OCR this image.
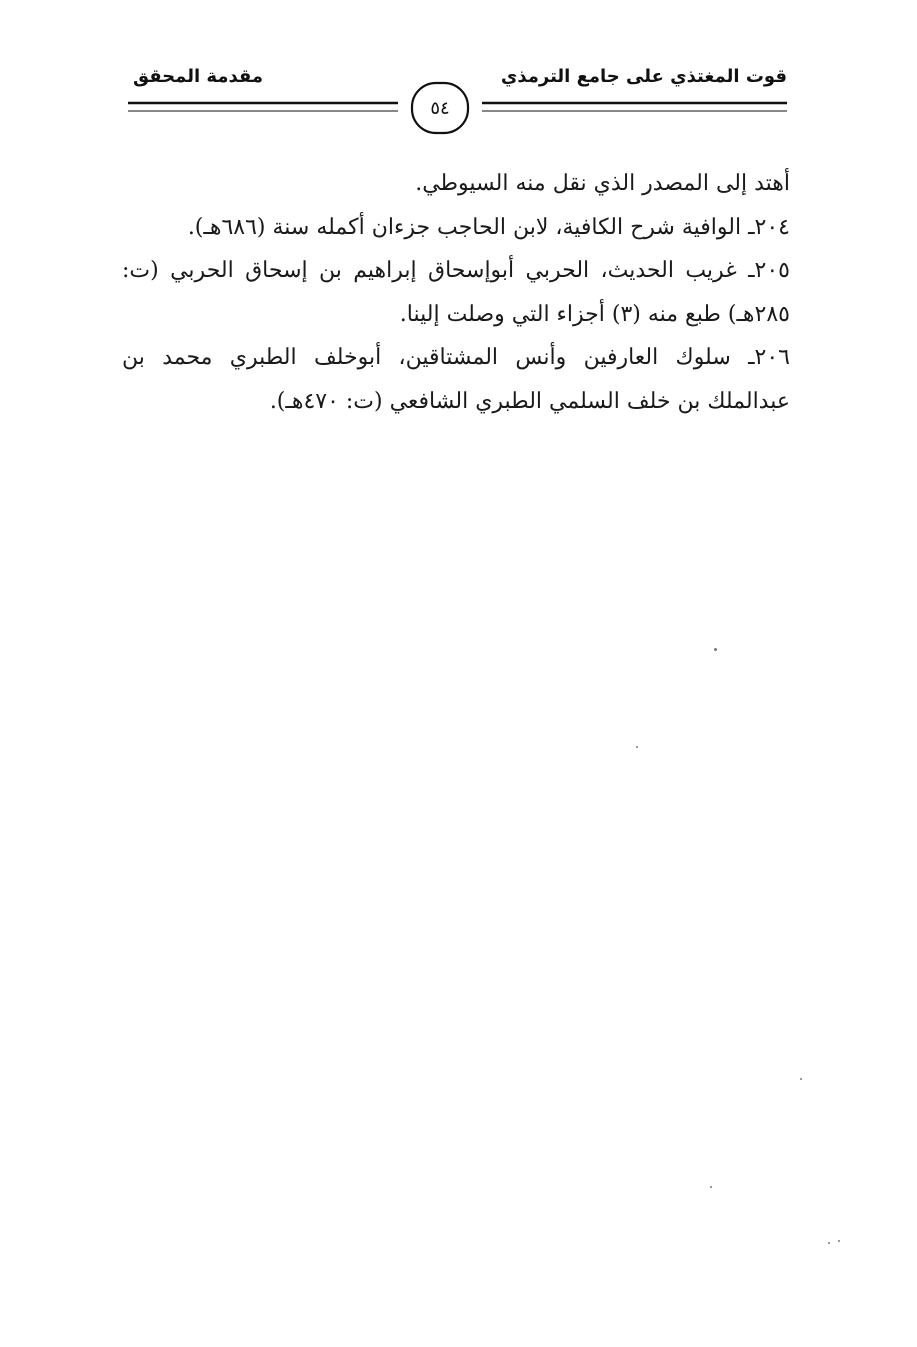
قوت المغتذي على جامع الترمذي
مقدمة المحقق
٥٤

أهتد إلى المصدر الذي نقل منه السيوطي.

٢٠٤ـ الوافية شرح الكافية، لابن الحاجب جزءان أكمله سنة (٦٨٦هـ).

٢٠٥ـ غريب الحديث، الحربي أبوإسحاق إبراهيم بن إسحاق الحربي (ت: ٢٨٥هـ) طبع منه (٣) أجزاء التي وصلت إلينا.

٢٠٦ـ سلوك العارفين وأنس المشتاقين، أبوخلف الطبري محمد بن عبدالملك بن خلف السلمي الطبري الشافعي (ت: ٤٧٠هـ).
